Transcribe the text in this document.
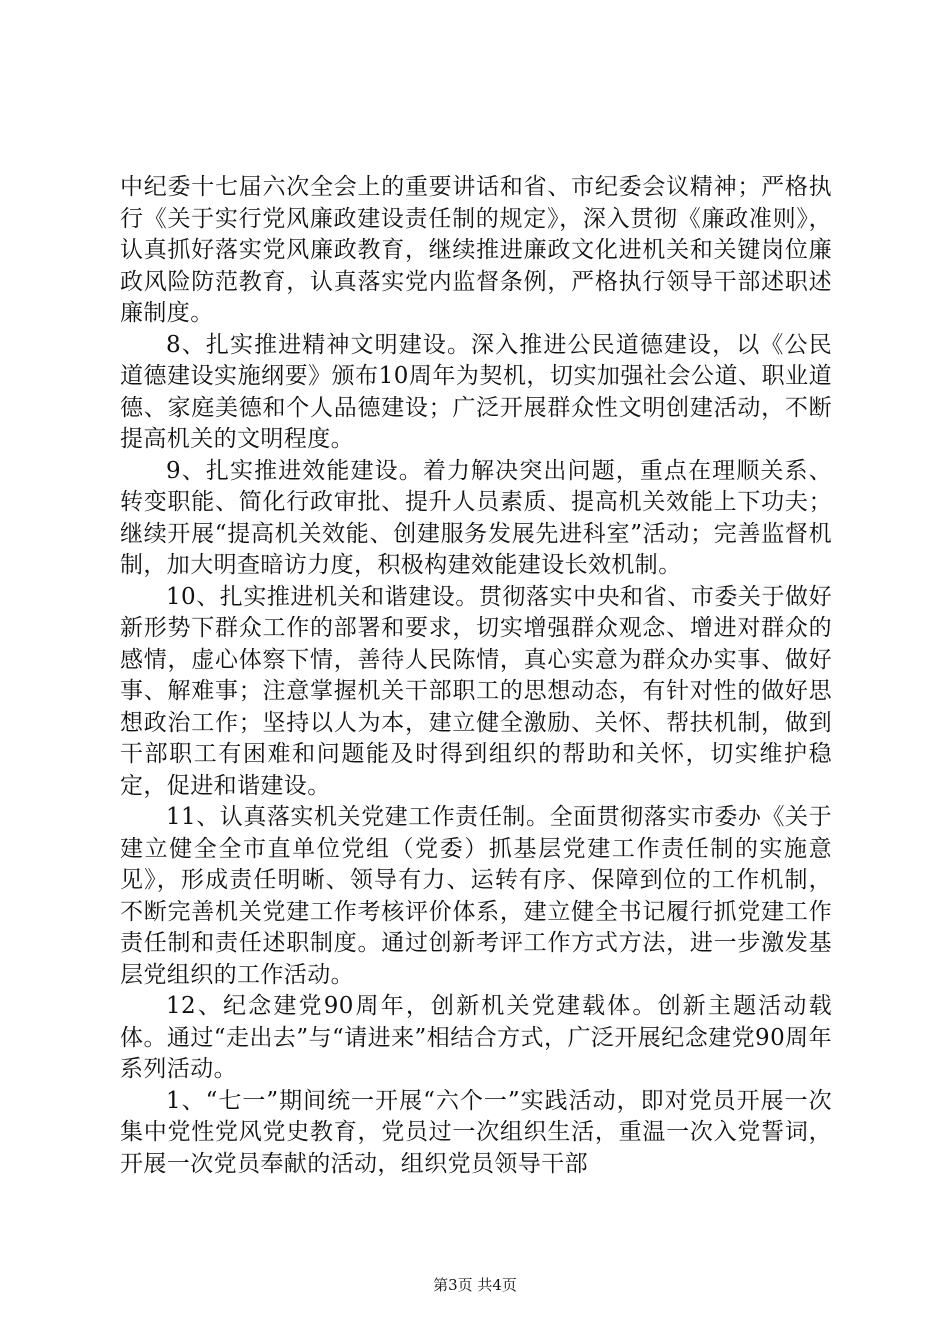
中纪委十七届六次全会上的重要讲话和省、市纪委会议精神；严格执行《关于实行党风廉政建设责任制的规定》，深入贯彻《廉政准则》，认真抓好落实党风廉政教育，继续推进廉政文化进机关和关键岗位廉政风险防范教育，认真落实党内监督条例，严格执行领导干部述职述廉制度。

8、扎实推进精神文明建设。深入推进公民道德建设，以《公民道德建设实施纲要》颁布10周年为契机，切实加强社会公道、职业道德、家庭美德和个人品德建设；广泛开展群众性文明创建活动，不断提高机关的文明程度。

9、扎实推进效能建设。着力解决突出问题，重点在理顺关系、转变职能、简化行政审批、提升人员素质、提高机关效能上下功夫；继续开展“提高机关效能、创建服务发展先进科室”活动；完善监督机制，加大明查暗访力度，积极构建效能建设长效机制。

10、扎实推进机关和谐建设。贯彻落实中央和省、市委关于做好新形势下群众工作的部署和要求，切实增强群众观念、增进对群众的感情，虚心体察下情，善待人民陈情，真心实意为群众办实事、做好事、解难事；注意掌握机关干部职工的思想动态，有针对性的做好思想政治工作；坚持以人为本，建立健全激励、关怀、帮扶机制，做到干部职工有困难和问题能及时得到组织的帮助和关怀，切实维护稳定，促进和谐建设。

11、认真落实机关党建工作责任制。全面贯彻落实市委办《关于建立健全全市直单位党组（党委）抓基层党建工作责任制的实施意见》，形成责任明晰、领导有力、运转有序、保障到位的工作机制，不断完善机关党建工作考核评价体系，建立健全书记履行抓党建工作责任制和责任述职制度。通过创新考评工作方式方法，进一步激发基层党组织的工作活动。

12、纪念建党90周年，创新机关党建载体。创新主题活动载体。通过“走出去”与“请进来”相结合方式，广泛开展纪念建党90周年系列活动。

1、“七一”期间统一开展“六个一”实践活动，即对党员开展一次集中党性党风党史教育，党员过一次组织生活，重温一次入党誓词，开展一次党员奉献的活动，组织党员领导干部

第3页 共4页
